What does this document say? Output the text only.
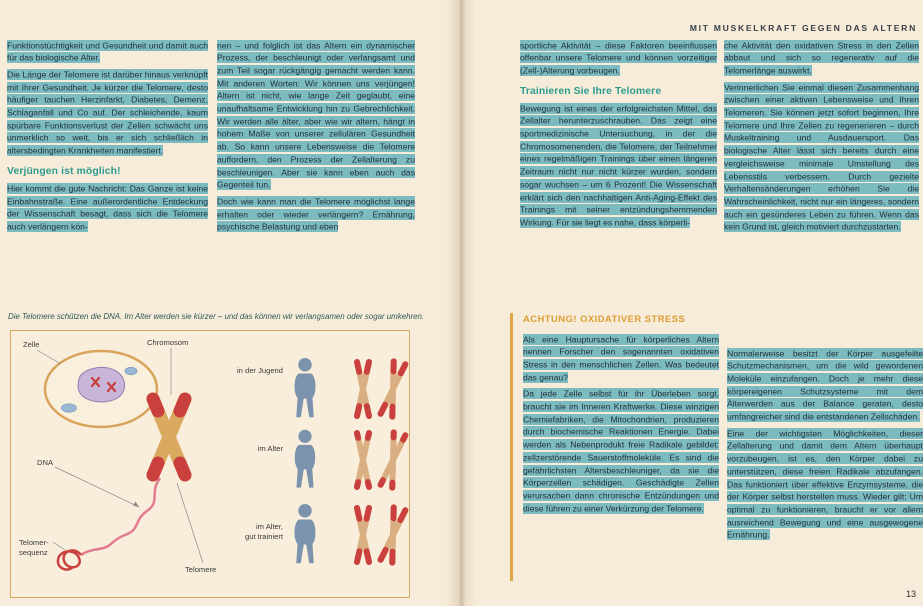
Funktionstüchtigkeit und Gesundheit und damit auch für das biologische Alter.

Die Länge der Telomere ist darüber hinaus verknüpft mit Ihrer Gesundheit. Je kürzer die Telomere, desto häufiger tauchen Herzinfarkt, Diabetes, Demenz, Schlaganfall und Co auf. Der schleichende, kaum spürbare Funktionsverlust der Zellen schwächt uns unmerklich so weit, bis er sich schließlich in altersbedingten Krankheiten manifestiert.

Verjüngen ist möglich!

Hier kommt die gute Nachricht: Das Ganze ist keine Einbahnstraße. Eine außerordentliche Entdeckung der Wissenschaft besagt, dass sich die Telomere auch verlängern kön-

nen – und folglich ist das Altern ein dynamischer Prozess, der beschleunigt oder verlangsamt und zum Teil sogar rückgängig gemacht werden kann. Mit anderen Worten: Wir können uns verjüngen! Altern ist nicht, wie lange Zeit geglaubt, eine unaufhaltsame Entwicklung hin zu Gebrechlichkeit. Wir werden alle älter, aber wie wir altern, hängt in hohem Maße von unserer zellulären Gesundheit ab. So kann unsere Lebensweise die Telomere auffordern, den Prozess der Zellalterung zu beschleunigen. Aber sie kann eben auch das Gegenteil tun.

Doch wie kann man die Telomere möglichst lange erhalten oder wieder verlängern? Ernährung, psychische Belastung und eben

Die Telomere schützen die DNA. Im Alter werden sie kürzer – und das können wir verlangsamen oder sogar umkehren.
Zelle	Chromosom
DNA
Telomer-
sequenz
Telomere
in der Jugend
im Alter
im Alter,
gut trainiert
MIT MUSKELKRAFT GEGEN DAS ALTERN

sportliche Aktivität – diese Faktoren beeinflussen offenbar unsere Telomere und können vorzeitiger (Zell-)Alterung vorbeugen.

Trainieren Sie Ihre Telomere

Bewegung ist eines der erfolgreichsten Mittel, das Zellalter herunterzuschrauben. Das zeigt eine sportmedizinische Untersuchung, in der die Chromosomenenden, die Telomere, der Teilnehmer eines regelmäßigen Trainings über einen längeren Zeitraum nicht nur nicht kürzer wurden, sondern sogar wuchsen – um 6 Prozent! Die Wissenschaft erklärt sich den nachhaltigen Anti-Aging-Effekt des Trainings mit seiner entzündungshemmenden Wirkung. Für sie liegt es nahe, dass körperli-

che Aktivität den oxidativen Stress in den Zellen abbaut und sich so regenerativ auf die Telomerlänge auswirkt.

Verinnerlichen Sie einmal diesen Zusammenhang zwischen einer aktiven Lebensweise und Ihren Telomeren. Sie können jetzt sofort beginnen, Ihre Telomere und Ihre Zellen zu regenerieren – durch Muskeltraining und Ausdauersport. Das biologische Alter lässt sich bereits durch eine vergleichsweise minimale Umstellung des Lebensstils verbessern. Durch gezielte Verhaltensänderungen erhöhen Sie die Wahrscheinlichkeit, nicht nur ein längeres, sondern auch ein gesünderes Leben zu führen. Wenn das kein Grund ist, gleich motiviert durchzustarten.

ACHTUNG! OXIDATIVER STRESS

Als eine Hauptursache für körperliches Altern nennen Forscher den sogenannten oxidativen Stress in den menschlichen Zellen. Was bedeutet das genau?

Da jede Zelle selbst für ihr Überleben sorgt, braucht sie im Inneren Kraftwerke. Diese winzigen Chemiefabriken, die Mitochondrien, produzieren durch biochemische Reaktionen Energie. Dabei werden als Nebenprodukt freie Radikale gebildet: zellzerstörende Sauerstoffmoleküle. Es sind die gefährlichsten Altersbeschleuniger, da sie die Körperzellen schädigen. Geschädigte Zellen verursachen dann chronische Entzündungen und diese führen zu einer Verkürzung der Telomere.

Normalerweise besitzt der Körper ausgefeilte Schutzmechanismen, um die wild gewordenen Moleküle einzufangen. Doch je mehr diese körpereigenen Schutzsysteme mit dem Älterwerden aus der Balance geraten, desto umfangreicher sind die entstandenen Zellschäden.

Eine der wichtigsten Möglichkeiten, dieser Zellalterung und damit dem Altern überhaupt vorzubeugen, ist es, den Körper dabei zu unterstützen, diese freien Radikale abzufangen. Das funktioniert über effektive Enzymsysteme, die der Körper selbst herstellen muss. Wieder gilt: Um optimal zu funktionieren, braucht er vor allem ausreichend Bewegung und eine ausgewogene Ernährung.

13
